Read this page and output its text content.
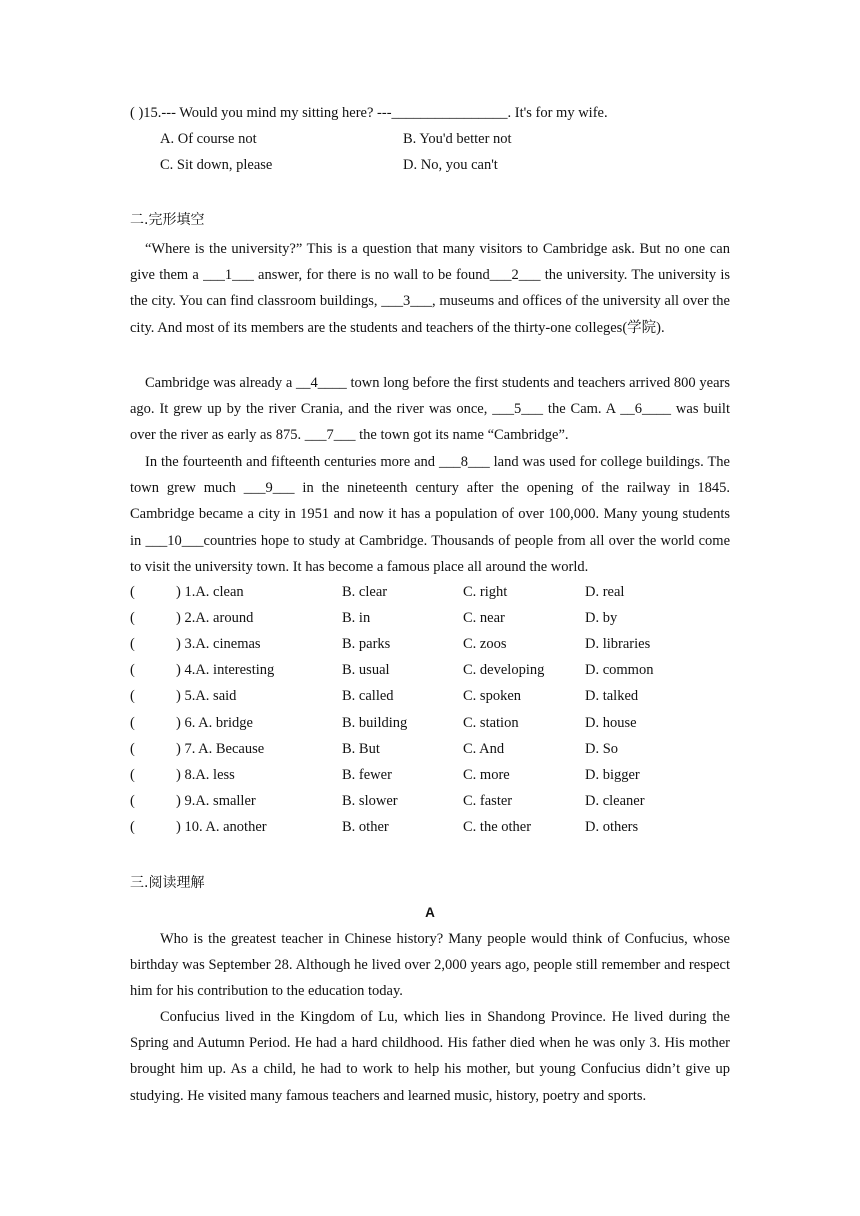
( )15.--- Would you mind my sitting here? ---________________. It's for my wife.
A. Of course not	B. You'd better not
C. Sit down, please	D. No, you can't
二.完形填空
“Where is the university?” This is a question that many visitors to Cambridge ask. But no one can give them a ___1___ answer, for there is no wall to be found___2___ the university. The university is the city. You can find classroom buildings, ___3___, museums and offices of the university all over the city. And most of its members are the students and teachers of the thirty-one colleges(学院).
Cambridge was already a __4____ town long before the first students and teachers arrived 800 years ago. It grew up by the river Crania, and the river was once, ___5___ the Cam. A __6____ was built over the river as early as 875. ___7___ the town got its name “Cambridge”.
In the fourteenth and fifteenth centuries more and ___8___ land was used for college buildings. The town grew much ___9___ in the nineteenth century after the opening of the railway in 1845. Cambridge became a city in 1951 and now it has a population of over 100,000. Many young students in ___10___countries hope to study at Cambridge. Thousands of people from all over the world come to visit the university town. It has become a famous place all around the world.
(	) 1.A. clean	B. clear	C. right	D. real
(	) 2.A. around	B. in	C. near	D. by
(	) 3.A. cinemas	B. parks	C. zoos	D. libraries
(	) 4.A. interesting	B. usual	C. developing	D. common
(	) 5.A. said	B. called	C. spoken	D. talked
(	) 6. A. bridge	B. building	C. station	D. house
(	) 7. A. Because	B. But	C. And	D. So
(	) 8.A. less	B. fewer	C. more	D. bigger
(	) 9.A. smaller	B. slower	C. faster	D. cleaner
(	) 10. A. another	B. other	C. the other	D. others
三.阅读理解
A
Who is the greatest teacher in Chinese history? Many people would think of Confucius, whose birthday was September 28. Although he lived over 2,000 years ago, people still remember and respect him for his contribution to the education today.
Confucius lived in the Kingdom of Lu, which lies in Shandong Province. He lived during the Spring and Autumn Period. He had a hard childhood. His father died when he was only 3. His mother brought him up. As a child, he had to work to help his mother, but young Confucius didn’t give up studying. He visited many famous teachers and learned music, history, poetry and sports.
